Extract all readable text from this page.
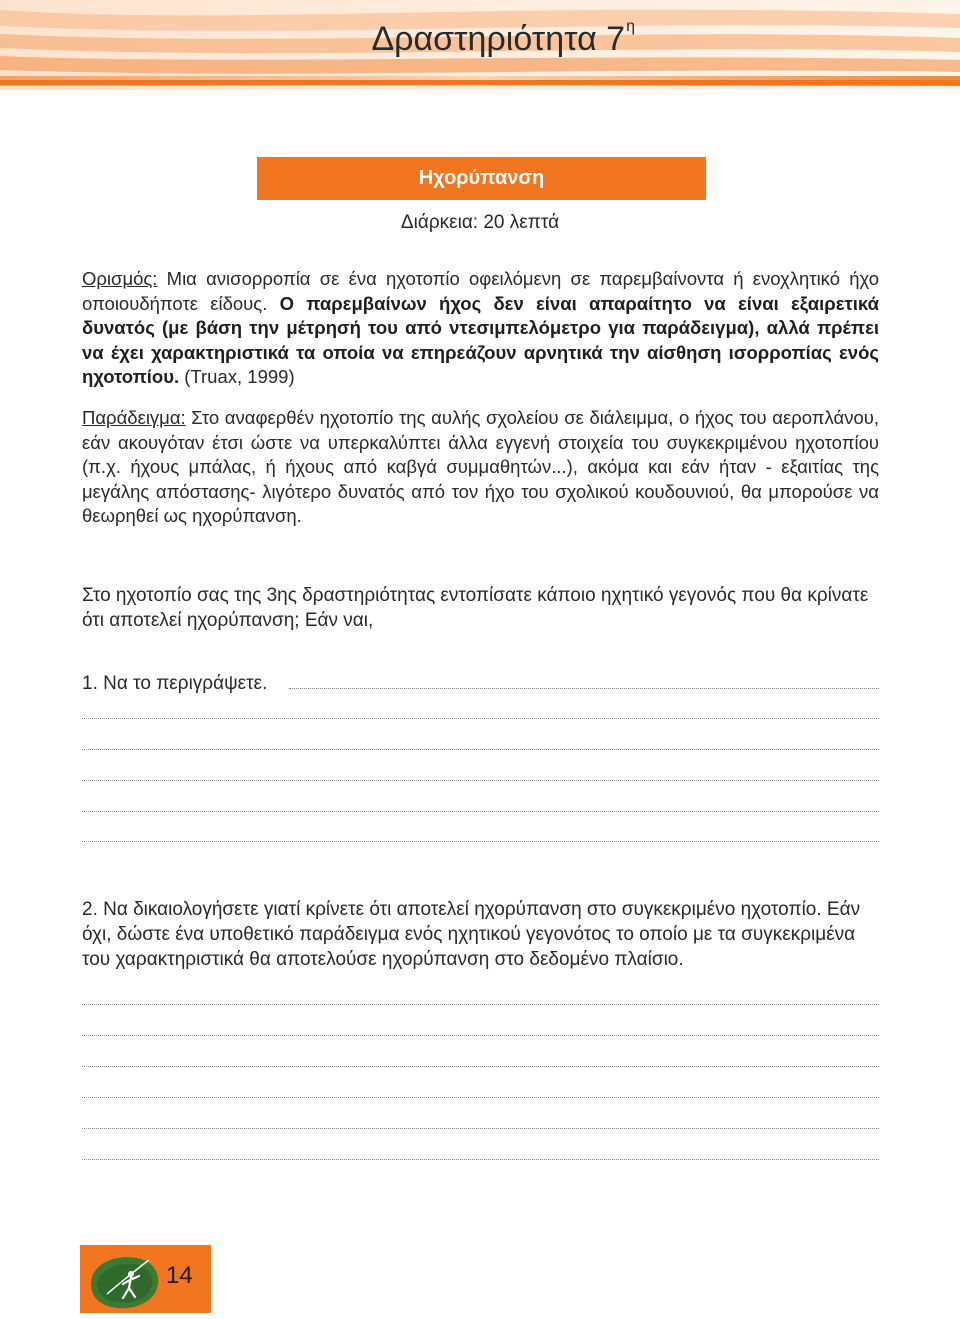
Δραστηριότητα $7^\eta$
Ηχορύπανση
Διάρκεια: 20 λεπτά
Ορισμός: Μια ανισορροπία σε ένα ηχοτοπίο οφειλόμενη σε παρεμβαίνοντα ή ενοχλητικό ήχο οποιουδήποτε είδους. Ο παρεμβαίνων ήχος δεν είναι απαραίτητο να είναι εξαιρετικά δυνατός (με βάση την μέτρησή του από ντεσιμπελόμετρο για παράδειγμα), αλλά πρέπει να έχει χαρακτηριστικά τα οποία να επηρεάζουν αρνητικά την αίσθηση ισορροπίας ενός ηχοτοπίου. (Truax, 1999)
Παράδειγμα: Στο αναφερθέν ηχοτοπίο της αυλής σχολείου σε διάλειμμα, ο ήχος του αεροπλάνου, εάν ακουγόταν έτσι ώστε να υπερκαλύπτει άλλα εγγενή στοιχεία του συγκεκριμένου ηχοτοπίου (π.χ. ήχους μπάλας, ή ήχους από καβγά συμμαθητών...), ακόμα και εάν ήταν - εξαιτίας της μεγάλης απόστασης- λιγότερο δυνατός από τον ήχο του σχολικού κουδουνιού, θα μπορούσε να θεωρηθεί ως ηχορύπανση.
Στο ηχοτοπίο σας της 3ης δραστηριότητας εντοπίσατε κάποιο ηχητικό γεγονός που θα κρίνατε ότι αποτελεί ηχορύπανση; Εάν ναι,
1. Να το περιγράψετε.
2. Να δικαιολογήσετε γιατί κρίνετε ότι αποτελεί ηχορύπανση στο συγκεκριμένο ηχοτοπίο. Εάν όχι, δώστε ένα υποθετικό παράδειγμα ενός ηχητικού γεγονότος το οποίο με τα συγκεκριμένα του χαρακτηριστικά θα αποτελούσε ηχορύπανση στο δεδομένο πλαίσιο.
14
